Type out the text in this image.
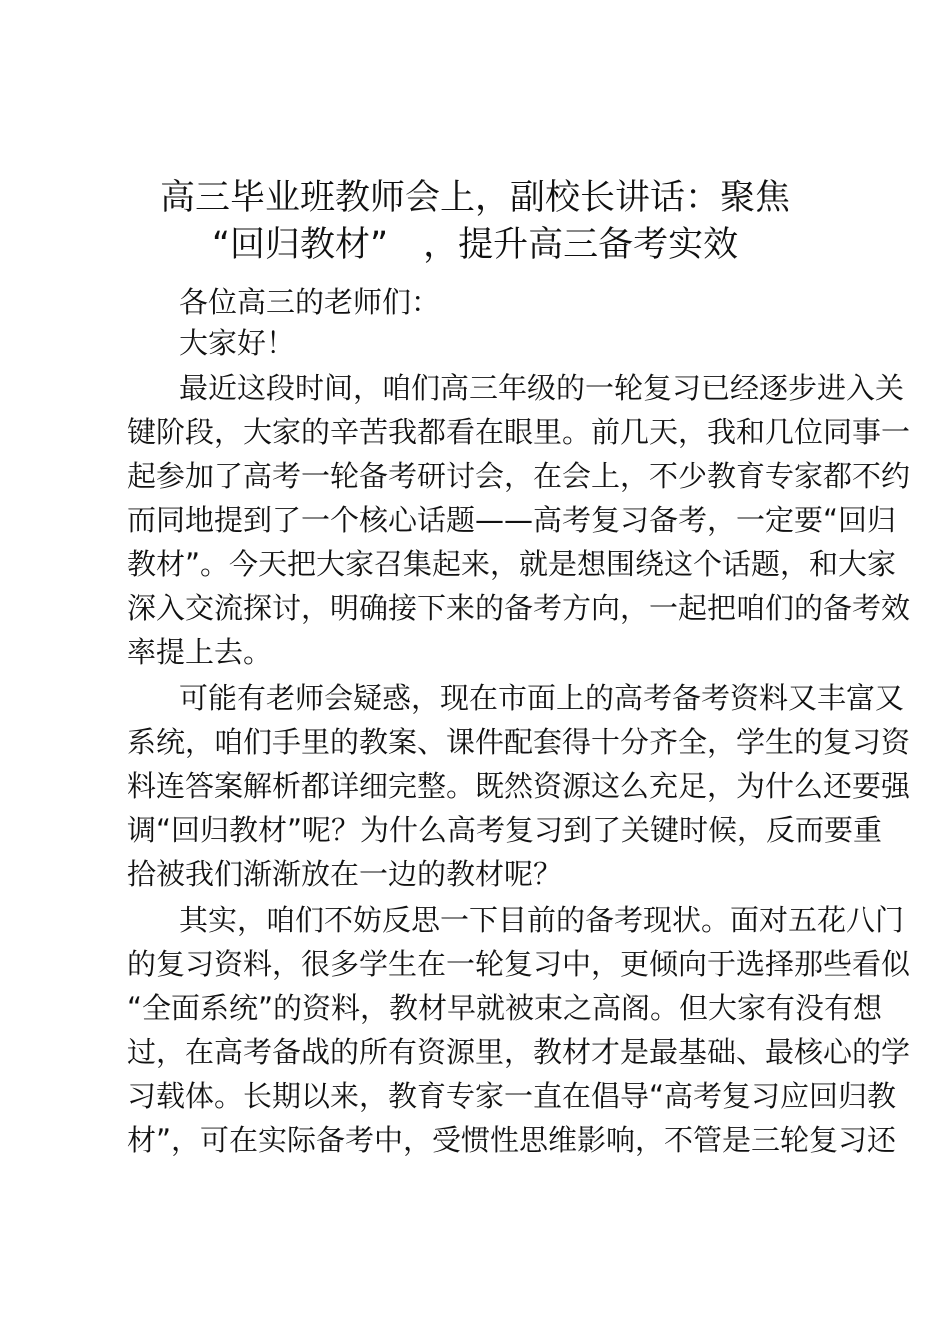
高三毕业班教师会上，副校长讲话：聚焦
“回归教材”　，提升高三备考实效

各位高三的老师们：

大家好！

最近这段时间，咱们高三年级的一轮复习已经逐步进入关

键阶段，大家的辛苦我都看在眼里。前几天，我和几位同事一

起参加了高考一轮备考研讨会，在会上，不少教育专家都不约

而同地提到了一个核心话题——高考复习备考，一定要“回归

教材”。今天把大家召集起来，就是想围绕这个话题，和大家

深入交流探讨，明确接下来的备考方向，一起把咱们的备考效

率提上去。

可能有老师会疑惑，现在市面上的高考备考资料又丰富又

系统，咱们手里的教案、课件配套得十分齐全，学生的复习资

料连答案解析都详细完整。既然资源这么充足，为什么还要强

调“回归教材”呢？为什么高考复习到了关键时候，反而要重

拾被我们渐渐放在一边的教材呢？

其实，咱们不妨反思一下目前的备考现状。面对五花八门

的复习资料，很多学生在一轮复习中，更倾向于选择那些看似

“全面系统”的资料，教材早就被束之高阁。但大家有没有想

过，在高考备战的所有资源里，教材才是最基础、最核心的学

习载体。长期以来，教育专家一直在倡导“高考复习应回归教

材”，可在实际备考中，受惯性思维影响，不管是三轮复习还
